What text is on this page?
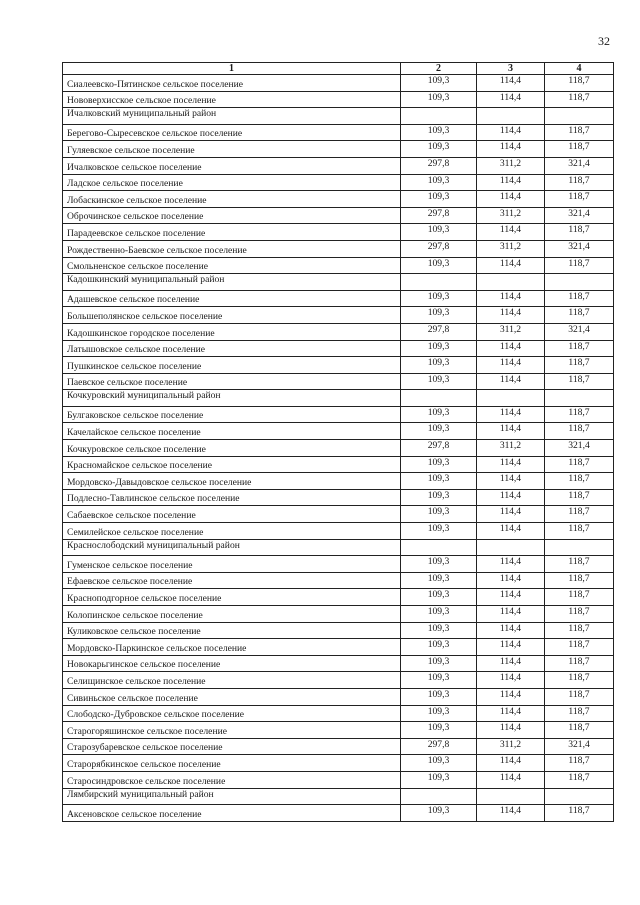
32
1	2	3	4
Сиалеевско-Пятинское сельское поселение	109,3	114,4	118,7
Нововерхисское сельское поселение	109,3	114,4	118,7
Ичалковский муниципальный район			
Берегово-Сыресевское сельское поселение	109,3	114,4	118,7
Гуляевское сельское поселение	109,3	114,4	118,7
Ичалковское сельское поселение	297,8	311,2	321,4
Ладское сельское поселение	109,3	114,4	118,7
Лобаскинское сельское поселение	109,3	114,4	118,7
Оброчинское сельское поселение	297,8	311,2	321,4
Парадеевское сельское поселение	109,3	114,4	118,7
Рождественно-Баевское сельское поселение	297,8	311,2	321,4
Смольненское сельское поселение	109,3	114,4	118,7
Кадошкинский муниципальный район			
Адашевское сельское поселение	109,3	114,4	118,7
Большеполянское сельское поселение	109,3	114,4	118,7
Кадошкинское городское поселение	297,8	311,2	321,4
Латышовское сельское поселение	109,3	114,4	118,7
Пушкинское сельское поселение	109,3	114,4	118,7
Паевское сельское поселение	109,3	114,4	118,7
Кочкуровский муниципальный район			
Булгаковское сельское поселение	109,3	114,4	118,7
Качелайское сельское поселение	109,3	114,4	118,7
Кочкуровское сельское поселение	297,8	311,2	321,4
Красномайское сельское поселение	109,3	114,4	118,7
Мордовско-Давыдовское сельское поселение	109,3	114,4	118,7
Подлесно-Тавлинское сельское поселение	109,3	114,4	118,7
Сабаевское сельское поселение	109,3	114,4	118,7
Семилейское сельское поселение	109,3	114,4	118,7
Краснослободский муниципальный район			
Гуменское сельское поселение	109,3	114,4	118,7
Ефаевское сельское поселение	109,3	114,4	118,7
Красноподгорное сельское поселение	109,3	114,4	118,7
Колопинское сельское поселение	109,3	114,4	118,7
Куликовское сельское поселение	109,3	114,4	118,7
Мордовско-Паркинское сельское поселение	109,3	114,4	118,7
Новокарьгинское сельское поселение	109,3	114,4	118,7
Селищинское сельское поселение	109,3	114,4	118,7
Сивиньское сельское поселение	109,3	114,4	118,7
Слободско-Дубровское сельское поселение	109,3	114,4	118,7
Старогоряшинское сельское поселение	109,3	114,4	118,7
Старозубаревское сельское поселение	297,8	311,2	321,4
Старорябкинское сельское поселение	109,3	114,4	118,7
Старосиндровское сельское поселение	109,3	114,4	118,7
Лямбирский муниципальный район			
Аксеновское сельское поселение	109,3	114,4	118,7
